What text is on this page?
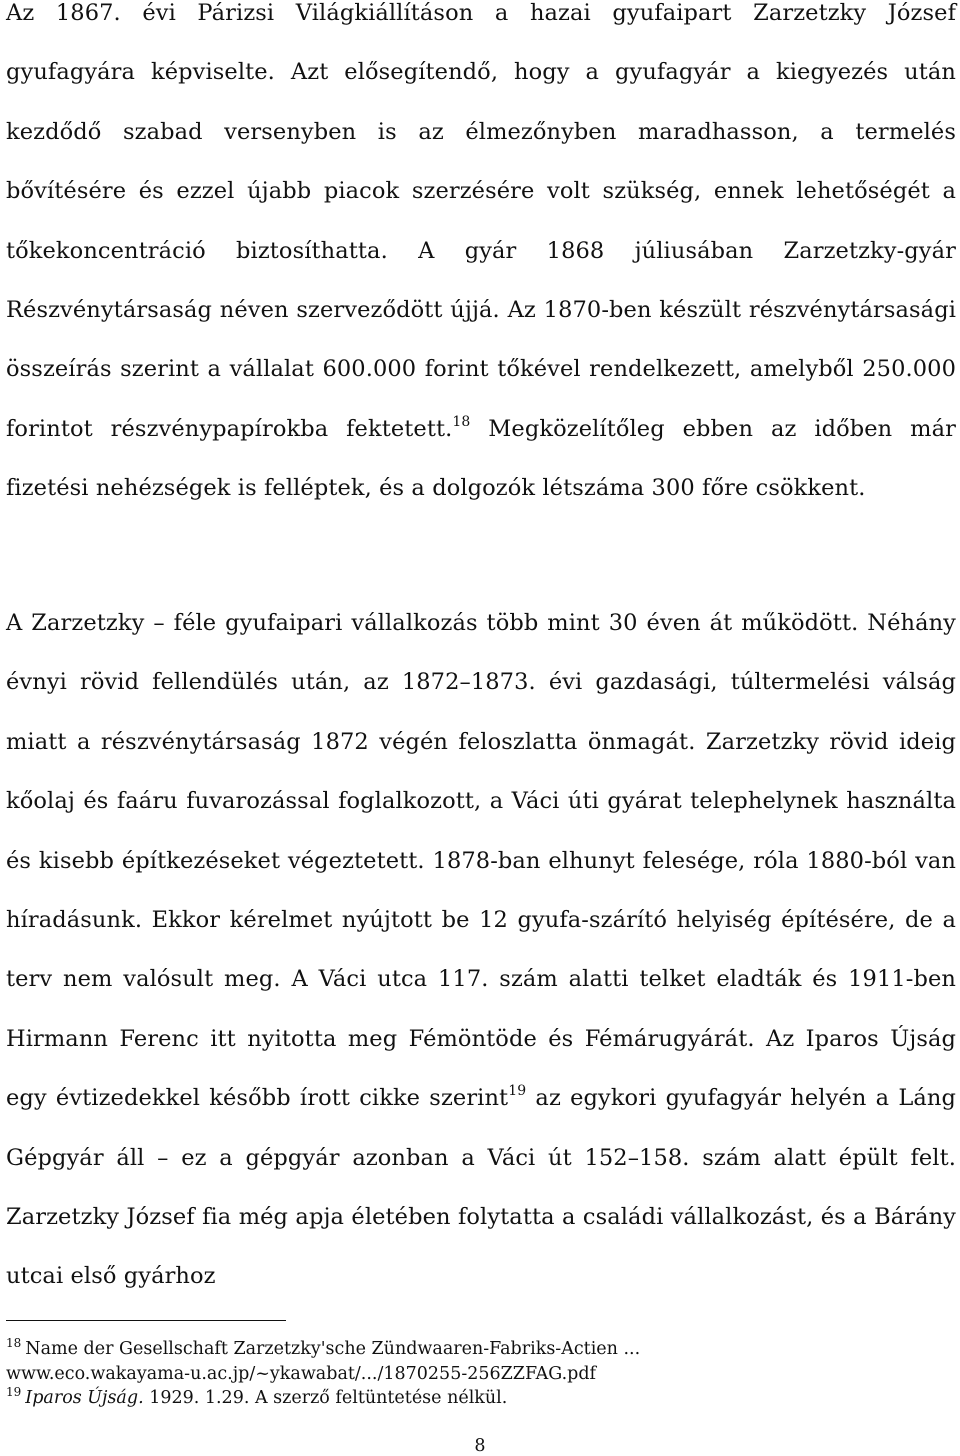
Az 1867. évi Párizsi Világkiállításon a hazai gyufaipart Zarzetzky József gyufagyára képviselte. Azt elősegítendő, hogy a gyufagyár a kiegyezés után kezdődő szabad versenyben is az élmezőnyben maradhasson, a termelés bővítésére és ezzel újabb piacok szerzésére volt szükség, ennek lehetőségét a tőkekoncentráció biztosíthatta. A gyár 1868 júliusában Zarzetzky-gyár Részvénytársaság néven szerveződött újjá. Az 1870-ben készült részvénytársasági összeírás szerint a vállalat 600.000 forint tőkével rendelkezett, amelyből 250.000 forintot részvénypapírokba fektetett.$^{18}$ Megközelítőleg ebben az időben már fizetési nehézségek is felléptek, és a dolgozók létszáma 300 főre csökkent.

A Zarzetzky – féle gyufaipari vállalkozás több mint 30 éven át működött. Néhány évnyi rövid fellendülés után, az 1872–1873. évi gazdasági, túltermelési válság miatt a részvénytársaság 1872 végén feloszlatta önmagát. Zarzetzky rövid ideig kőolaj és faáru fuvarozással foglalkozott, a Váci úti gyárat telephelynek használta és kisebb építkezéseket végeztetett. 1878-ban elhunyt felesége, róla 1880-ból van híradásunk. Ekkor kérelmet nyújtott be 12 gyufa-szárító helyiség építésére, de a terv nem valósult meg. A Váci utca 117. szám alatti telket eladták és 1911-ben Hirmann Ferenc itt nyitotta meg Fémöntöde és Fémárugyárát. Az Iparos Újság egy évtizedekkel később írott cikke szerint$^{19}$ az egykori gyufagyár helyén a Láng Gépgyár áll – ez a gépgyár azonban a Váci út 152–158. szám alatt épült felt. Zarzetzky József fia még apja életében folytatta a családi vállalkozást, és a Bárány utcai első gyárhoz

$^{18}$ Name der Gesellschaft Zarzetzky'sche Zündwaaren-Fabriks-Actien ...
www.eco.wakayama-u.ac.jp/~ykawabat/.../1870255-256ZZFAG.pdf
$^{19}$ Iparos Újság. 1929. 1.29. A szerző feltüntetése nélkül.
8
